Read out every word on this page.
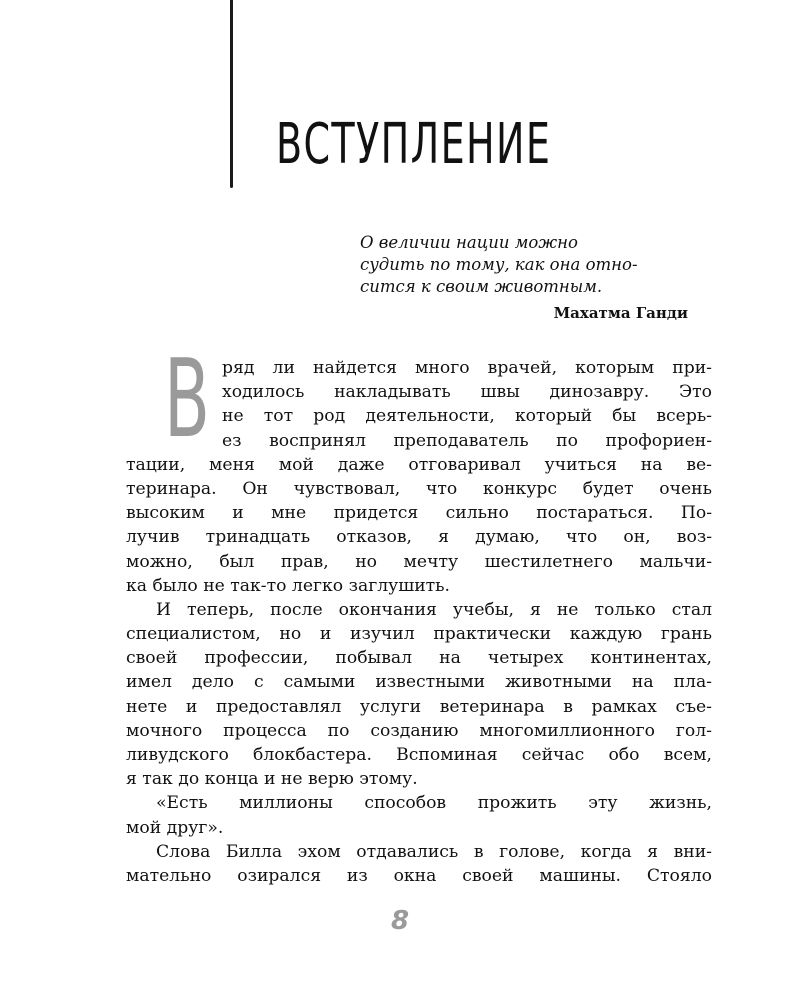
ВСТУПЛЕНИЕ
О величии нации можно
судить по тому, как она отно-
сится к своим животным.
Махатма Ганди
В ряд ли найдется много врачей, которым при-
ходилось накладывать швы динозавру. Это
не тот род деятельности, который бы всерь-
ез воспринял преподаватель по профориен-
тации, меня мой даже отговаривал учиться на ве-
теринара. Он чувствовал, что конкурс будет очень
высоким и мне придется сильно постараться. По-
лучив тринадцать отказов, я думаю, что он, воз-
можно, был прав, но мечту шестилетнего мальчи-
ка было не так-то легко заглушить.
И теперь, после окончания учебы, я не только стал
специалистом, но и изучил практически каждую грань
своей профессии, побывал на четырех континентах,
имел дело с самыми известными животными на пла-
нете и предоставлял услуги ветеринара в рамках съе-
мочного процесса по созданию многомиллионного гол-
ливудского блокбастера. Вспоминая сейчас обо всем,
я так до конца и не верю этому.
«Есть миллионы способов прожить эту жизнь,
мой друг».
Слова Билла эхом отдавались в голове, когда я вни-
мательно озирался из окна своей машины. Стояло
8
